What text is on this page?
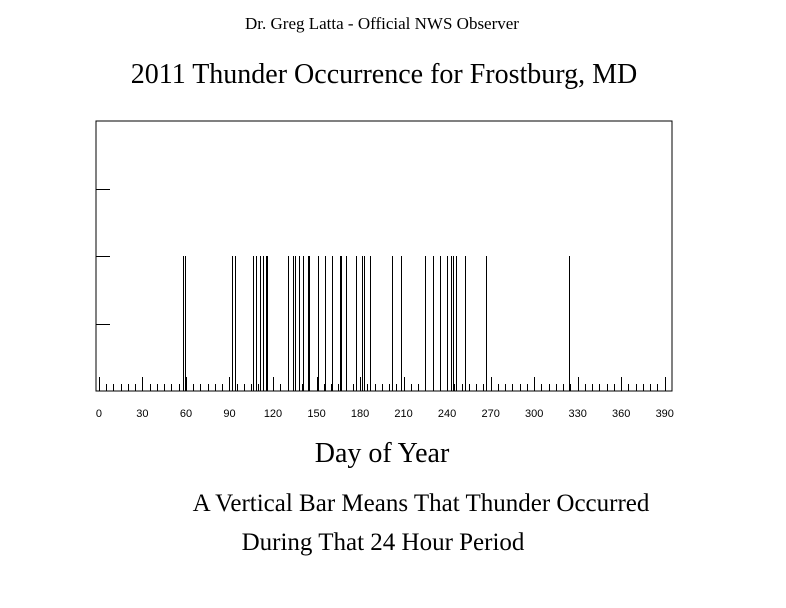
Dr. Greg Latta - Official NWS Observer
2011 Thunder Occurrence for Frostburg, MD
0	30	60	90	120 150 180 210 240 270 300 330 360 390
Day of Year
A Vertical Bar Means That Thunder Occurred
During That 24 Hour Period
